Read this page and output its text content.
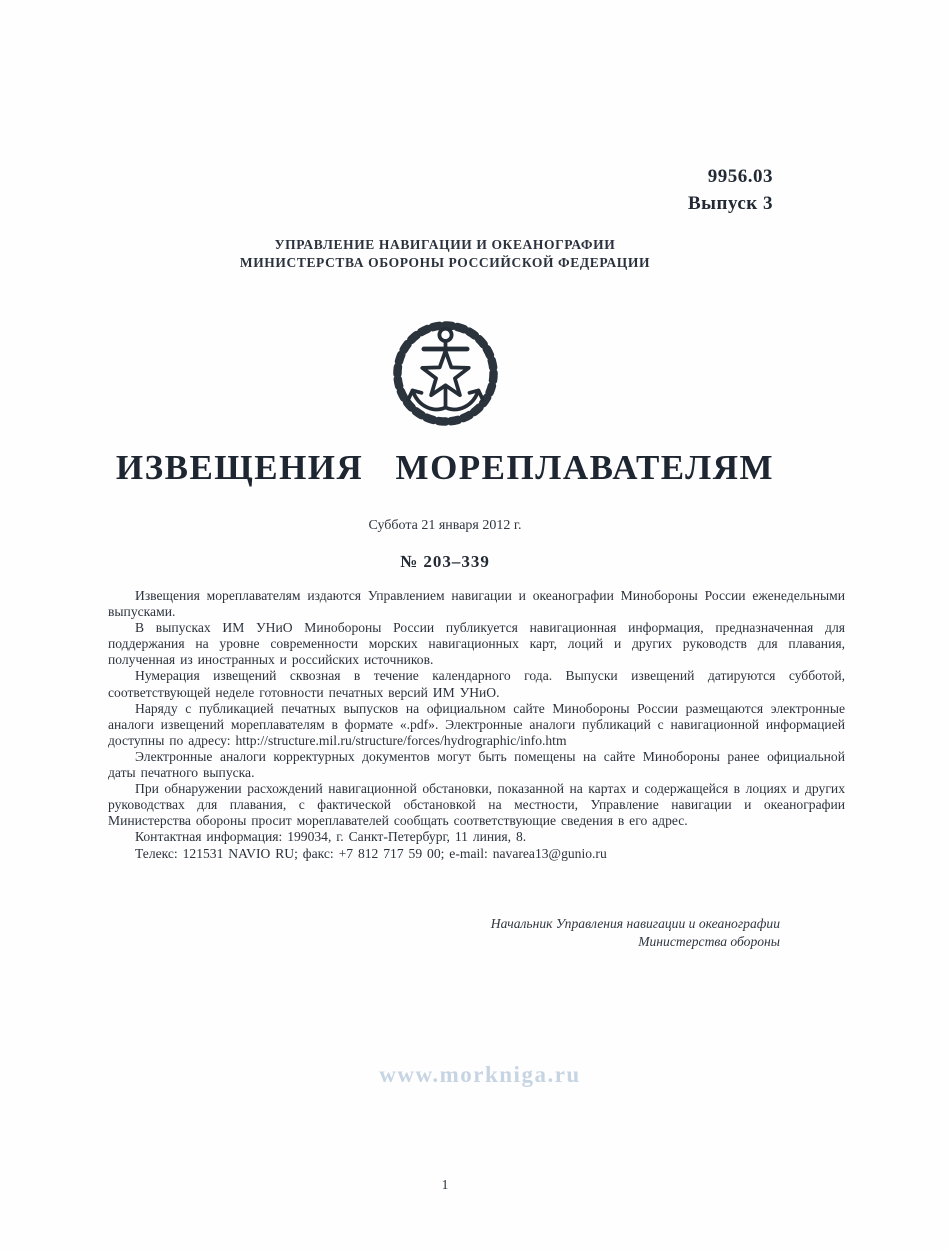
9956.03
Выпуск 3
УПРАВЛЕНИЕ НАВИГАЦИИ И ОКЕАНОГРАФИИ
МИНИСТЕРСТВА ОБОРОНЫ РОССИЙСКОЙ ФЕДЕРАЦИИ
ИЗВЕЩЕНИЯ МОРЕПЛАВАТЕЛЯМ
Суббота 21 января 2012 г.
№ 203–339

Извещения мореплавателям издаются Управлением навигации и океанографии Минобороны России еженедельными выпусками.

В выпусках ИМ УНиО Минобороны России публикуется навигационная информация, предназначенная для поддержания на уровне современности морских навигационных карт, лоций и других руководств для плавания, полученная из иностранных и российских источников.

Нумерация извещений сквозная в течение календарного года. Выпуски извещений датируются субботой, соответствующей неделе готовности печатных версий ИМ УНиО.

Наряду с публикацией печатных выпусков на официальном сайте Минобороны России размещаются электронные аналоги извещений мореплавателям в формате «.pdf». Электронные аналоги публикаций с навигационной информацией доступны по адресу: http://structure.mil.ru/structure/forces/hydrographic/info.htm

Электронные аналоги корректурных документов могут быть помещены на сайте Минобороны ранее официальной даты печатного выпуска.

При обнаружении расхождений навигационной обстановки, показанной на картах и содержащейся в лоциях и других руководствах для плавания, с фактической обстановкой на местности, Управление навигации и океанографии Министерства обороны просит мореплавателей сообщать соответствующие сведения в его адрес.

Контактная информация: 199034, г. Санкт-Петербург, 11 линия, 8.

Телекс: 121531 NAVIO RU; факс: +7 812 717 59 00; e-mail: navarea13@gunio.ru

Начальник Управления навигации и океанографии
Министерства обороны
www.morkniga.ru
1
